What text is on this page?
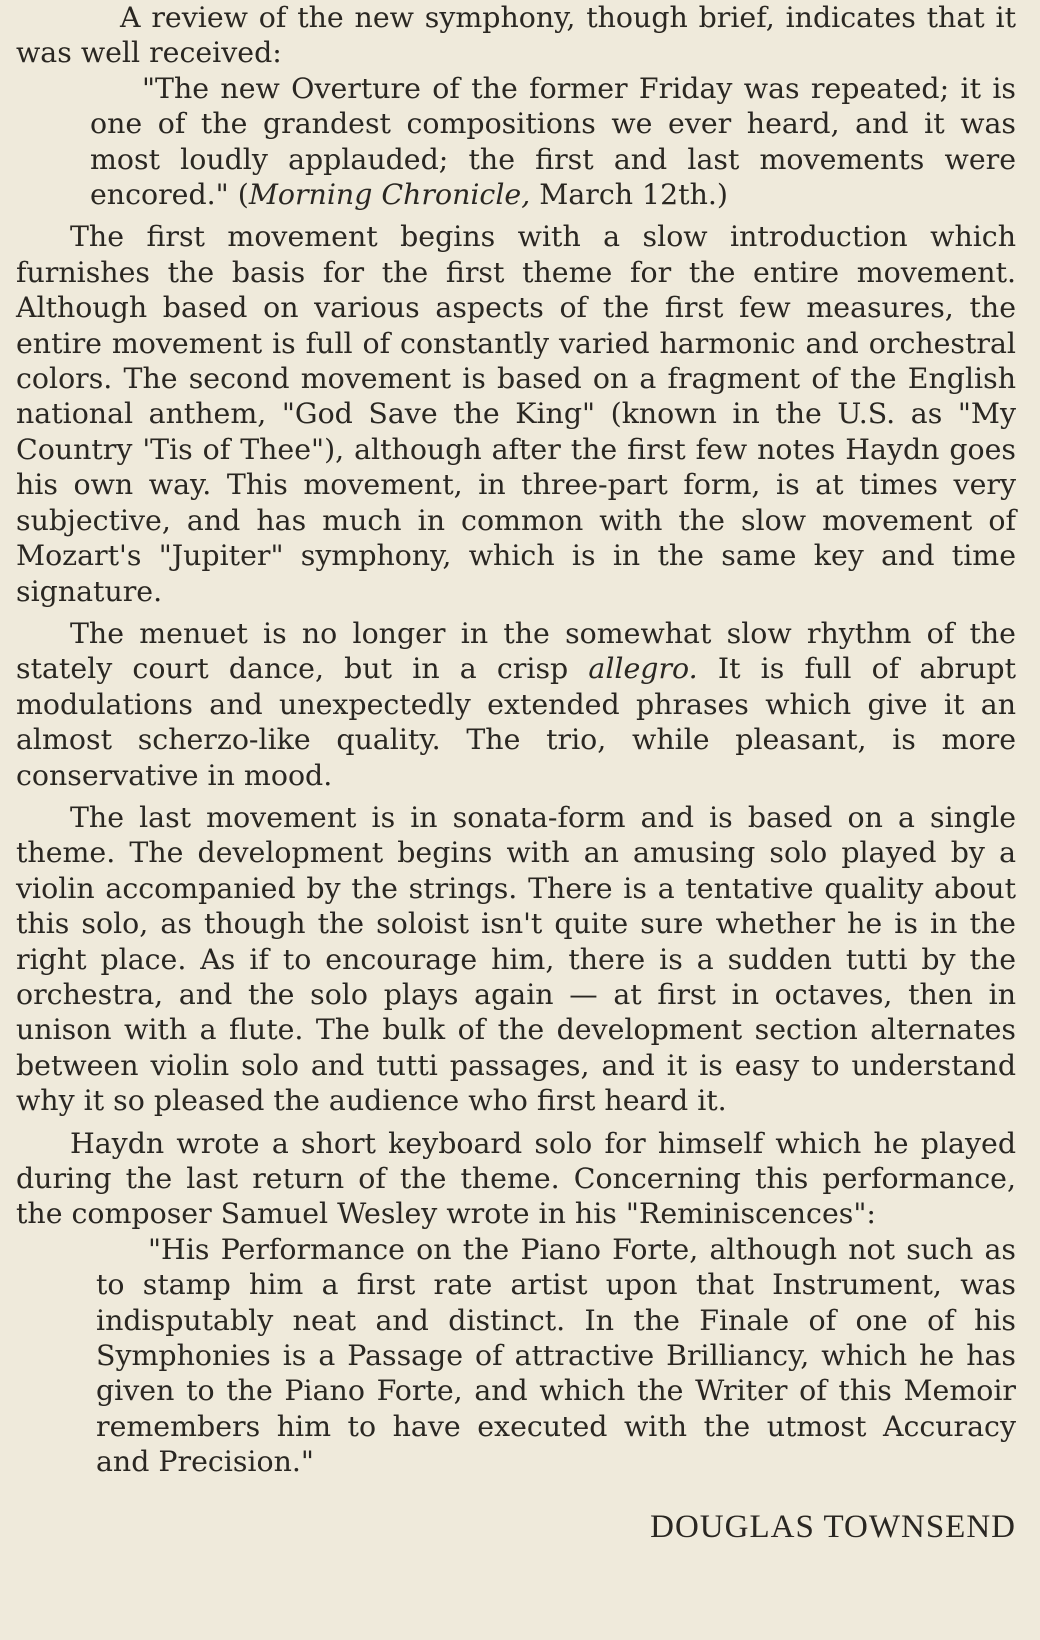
A review of the new symphony, though brief, indicates that it was well received:

"The new Overture of the former Friday was repeated; it is one of the grandest compositions we ever heard, and it was most loudly applauded; the first and last movements were encored." (Morning Chronicle, March 12th.)

The first movement begins with a slow introduction which furnishes the basis for the first theme for the entire movement. Although based on various aspects of the first few measures, the entire movement is full of constantly varied harmonic and orchestral colors. The second movement is based on a fragment of the English national anthem, "God Save the King" (known in the U.S. as "My Country 'Tis of Thee"), although after the first few notes Haydn goes his own way. This movement, in three-part form, is at times very subjective, and has much in common with the slow movement of Mozart's "Jupiter" symphony, which is in the same key and time signature.

The menuet is no longer in the somewhat slow rhythm of the stately court dance, but in a crisp allegro. It is full of abrupt modulations and unexpectedly extended phrases which give it an almost scherzo-like quality. The trio, while pleasant, is more conservative in mood.

The last movement is in sonata-form and is based on a single theme. The development begins with an amusing solo played by a violin accompanied by the strings. There is a tentative quality about this solo, as though the soloist isn't quite sure whether he is in the right place. As if to encourage him, there is a sudden tutti by the orchestra, and the solo plays again — at first in octaves, then in unison with a flute. The bulk of the development section alternates between violin solo and tutti passages, and it is easy to understand why it so pleased the audience who first heard it.

Haydn wrote a short keyboard solo for himself which he played during the last return of the theme. Concerning this performance, the composer Samuel Wesley wrote in his "Reminiscences":

"His Performance on the Piano Forte, although not such as to stamp him a first rate artist upon that Instrument, was indisputably neat and distinct. In the Finale of one of his Symphonies is a Passage of attractive Brilliancy, which he has given to the Piano Forte, and which the Writer of this Memoir remembers him to have executed with the utmost Accuracy and Precision."

DOUGLAS TOWNSEND
